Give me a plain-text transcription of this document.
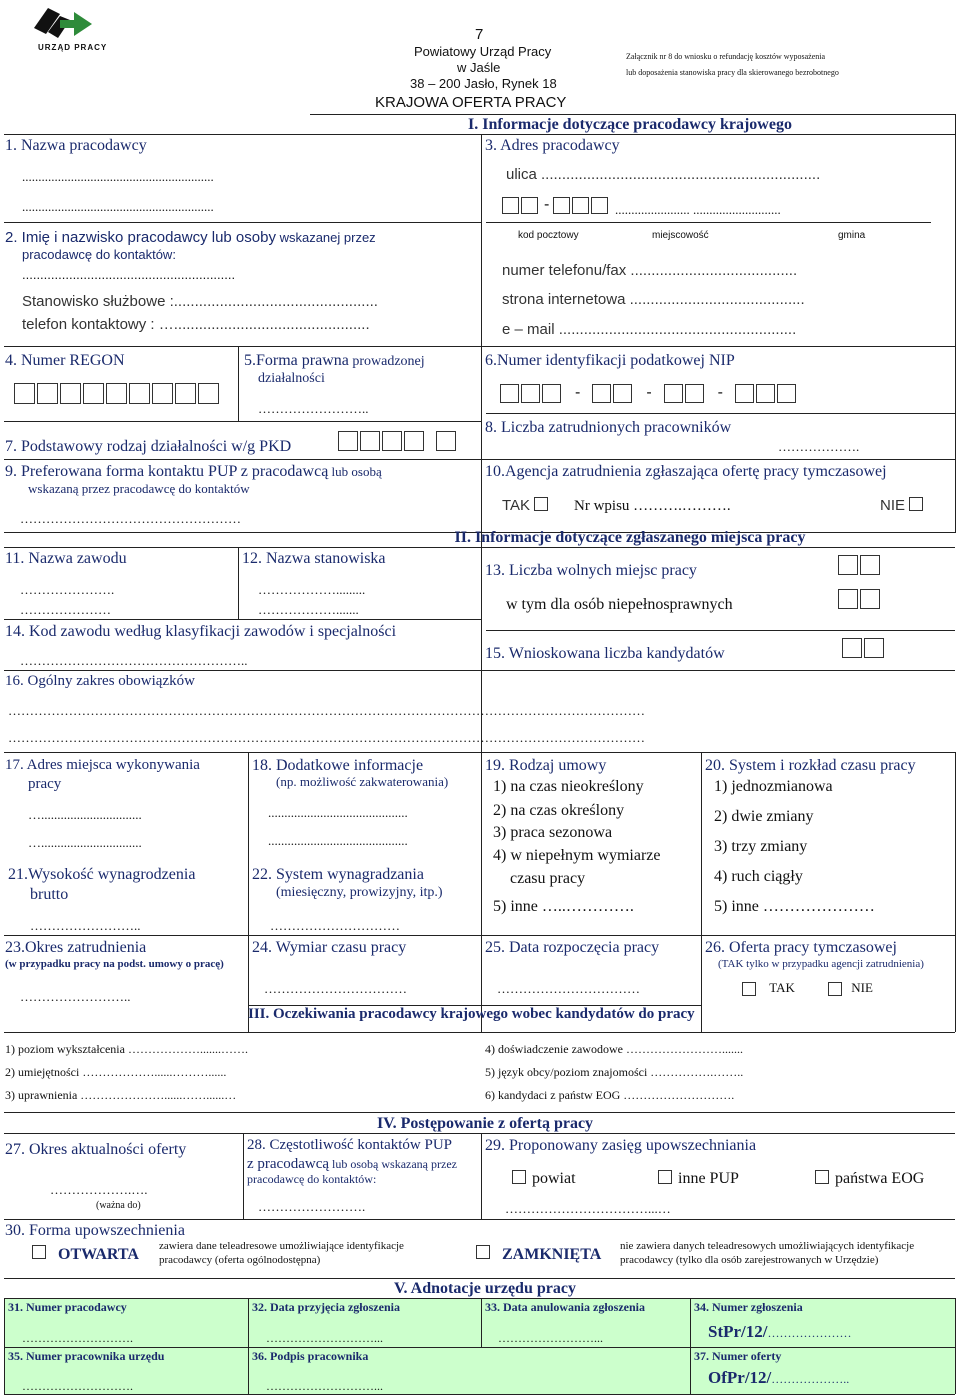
URZĄD PRACY
7
Powiatowy Urząd Pracy
w Jaśle
38 – 200 Jasło, Rynek 18
KRAJOWA OFERTA PRACY
Załącznik nr 8 do wniosku o refundację kosztów wyposażenia
lub doposażenia stanowiska pracy dla skierowanego bezrobotnego
I. Informacje dotyczące pracodawcy krajowego
1. Nazwa pracodawcy
...........................................................
...........................................................
2. Imię i nazwisko pracodawcy lub osoby wskazanej przez
pracodawcę do kontaktów:
...........................................................
Stanowisko służbowe :.................................................
telefon kontaktowy : …...............................................
3. Adres pracodawcy
ulica ...................................................................
-	....................... ...........................
kod pocztowy	miejscowość	gmina
numer telefonu/fax ........................................
strona internetowa ..........................................
e – mail .........................................................
4. Numer REGON	5.Forma prawna prowadzonej
działalności
……………………..
6.Numer identyfikacji podatkowej NIP
-	-	-
7. Podstawowy rodzaj działalności w/g PKD

8. Liczba zatrudnionych pracowników
……………….
9. Preferowana forma kontaktu PUP z pracodawcą lub osobą
wskazaną przez pracodawcę do kontaktów
……………………………………………
10.Agencja zatrudnienia zgłaszająca ofertę pracy tymczasowej
TAK	Nr wpisu ……….……….	NIE
II. Informacje dotyczące zgłaszanego miejsca pracy
11. Nazwa zawodu
………………….
…………………
12. Nazwa stanowiska
……………….........
……………….......
13. Liczba wolnych miejsc pracy
w tym dla osób niepełnosprawnych
14. Kod zawodu według klasyfikacji zawodów i specjalności
……………………………………………..	15. Wnioskowana liczba kandydatów
16. Ogólny zakres obowiązków
…………………………………………………………………………………………………………………………………
…………………………………………………………………………………………………………………………………
17. Adres miejsca wykonywania
pracy
…...............................
…...............................
18. Dodatkowe informacje
(np. możliwość zakwaterowania)
...........................................
...........................................
19. Rodzaj umowy
1) na czas nieokreślony
2) na czas określony
3) praca sezonowa
4) w niepełnym wymiarze
czasu pracy
5) inne …..………….
20. System i rozkład czasu pracy
1) jednozmianowa
2) dwie zmiany
3) trzy zmiany
4) ruch ciągły
5) inne …………………
21.Wysokość wynagrodzenia
brutto
……………………..
22. System wynagradzania
(miesięczny, prowizyjny, itp.)
…………………………
23.Okres zatrudnienia
(w przypadku pracy na podst. umowy o pracę)
……………………..
24. Wymiar czasu pracy
……………………………
25. Data rozpoczęcia pracy
……………………………
26. Oferta pracy tymczasowej
(TAK tylko w przypadku agencji zatrudnienia)
TAK	NIE
III. Oczekiwania pracodawcy krajowego wobec kandydatów do pracy
1) poziom wykształcenia ……………….......…….
2) umiejętności ………………......………......
3) uprawnienia …………………......……......…
4) doświadczenie zawodowe …………………….......
5) język obcy/poziom znajomości …………….……..
6) kandydaci z państw EOG ……………………….
IV. Postępowanie z ofertą pracy
27. Okres aktualności oferty
……………….….
(ważna do)
28. Częstotliwość kontaktów PUP
z pracodawcą lub osobą wskazaną przez
pracodawcę do kontaktów:
…………………….
29. Proponowany zasięg upowszechniania
powiat	inne PUP	państwa EOG
……………………………...…
30. Forma upowszechnienia
OTWARTA zawiera dane teleadresowe umożliwiające identyfikacje
pracodawcy (oferta ogólnodostępna)	ZAMKNIĘTA nie zawiera danych teleadresowych umożliwiających identyfikacje
pracodawcy (tylko dla osób zarejestrowanych w Urzędzie)
V. Adnotacje urzędu pracy
31. Numer pracodawcy
……………………….
32. Data przyjęcia zgłoszenia
………………………...
33. Data anulowania zgłoszenia
……………………...
34. Numer zgłoszenia
StPr/12/…………………
35. Numer pracownika urzędu
……………………….
36. Podpis pracownika
………………………...
37. Numer oferty
OfPr/12/………………..
